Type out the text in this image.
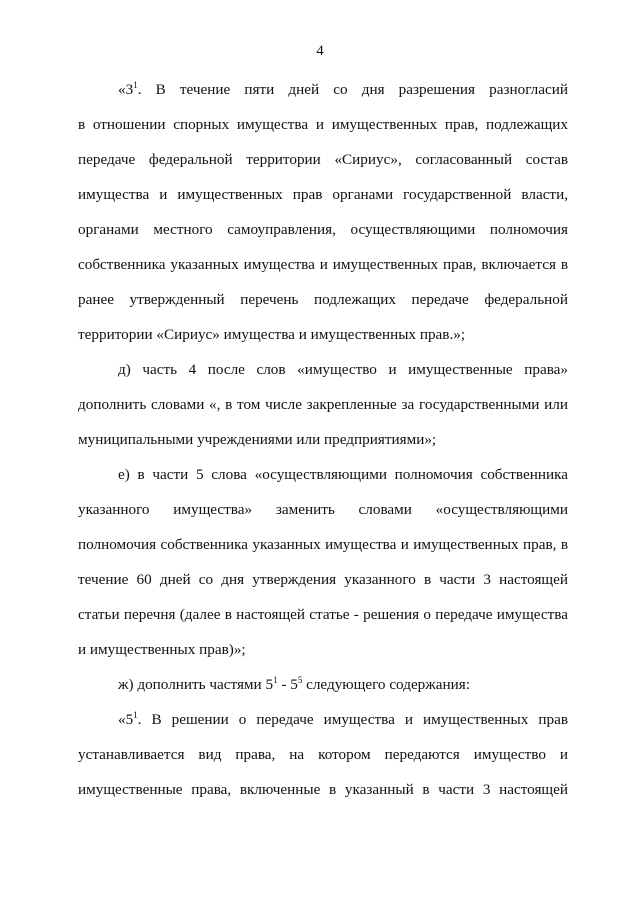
4
«$3^1$. В течение пяти дней со дня разрешения разногласий
в отношении спорных имущества и имущественных прав, подлежащих
передаче федеральной территории «Сириус», согласованный состав
имущества и имущественных прав органами государственной власти,
органами местного самоуправления, осуществляющими полномочия
собственника указанных имущества и имущественных прав, включается в
ранее утвержденный перечень подлежащих передаче федеральной
территории «Сириус» имущества и имущественных прав.»;
д) часть 4 после слов «имущество и имущественные права»
дополнить словами «, в том числе закрепленные за государственными или
муниципальными учреждениями или предприятиями»;
е) в части 5 слова «осуществляющими полномочия собственника
указанного имущества» заменить словами «осуществляющими
полномочия собственника указанных имущества и имущественных прав, в
течение 60 дней со дня утверждения указанного в части 3 настоящей
статьи перечня (далее в настоящей статье - решения о передаче имущества
и имущественных прав)»;
ж) дополнить частями $5^1 - 5^5$ следующего содержания:
«$5^1$. В решении о передаче имущества и имущественных прав
устанавливается вид права, на котором передаются имущество и
имущественные права, включенные в указанный в части 3 настоящей
